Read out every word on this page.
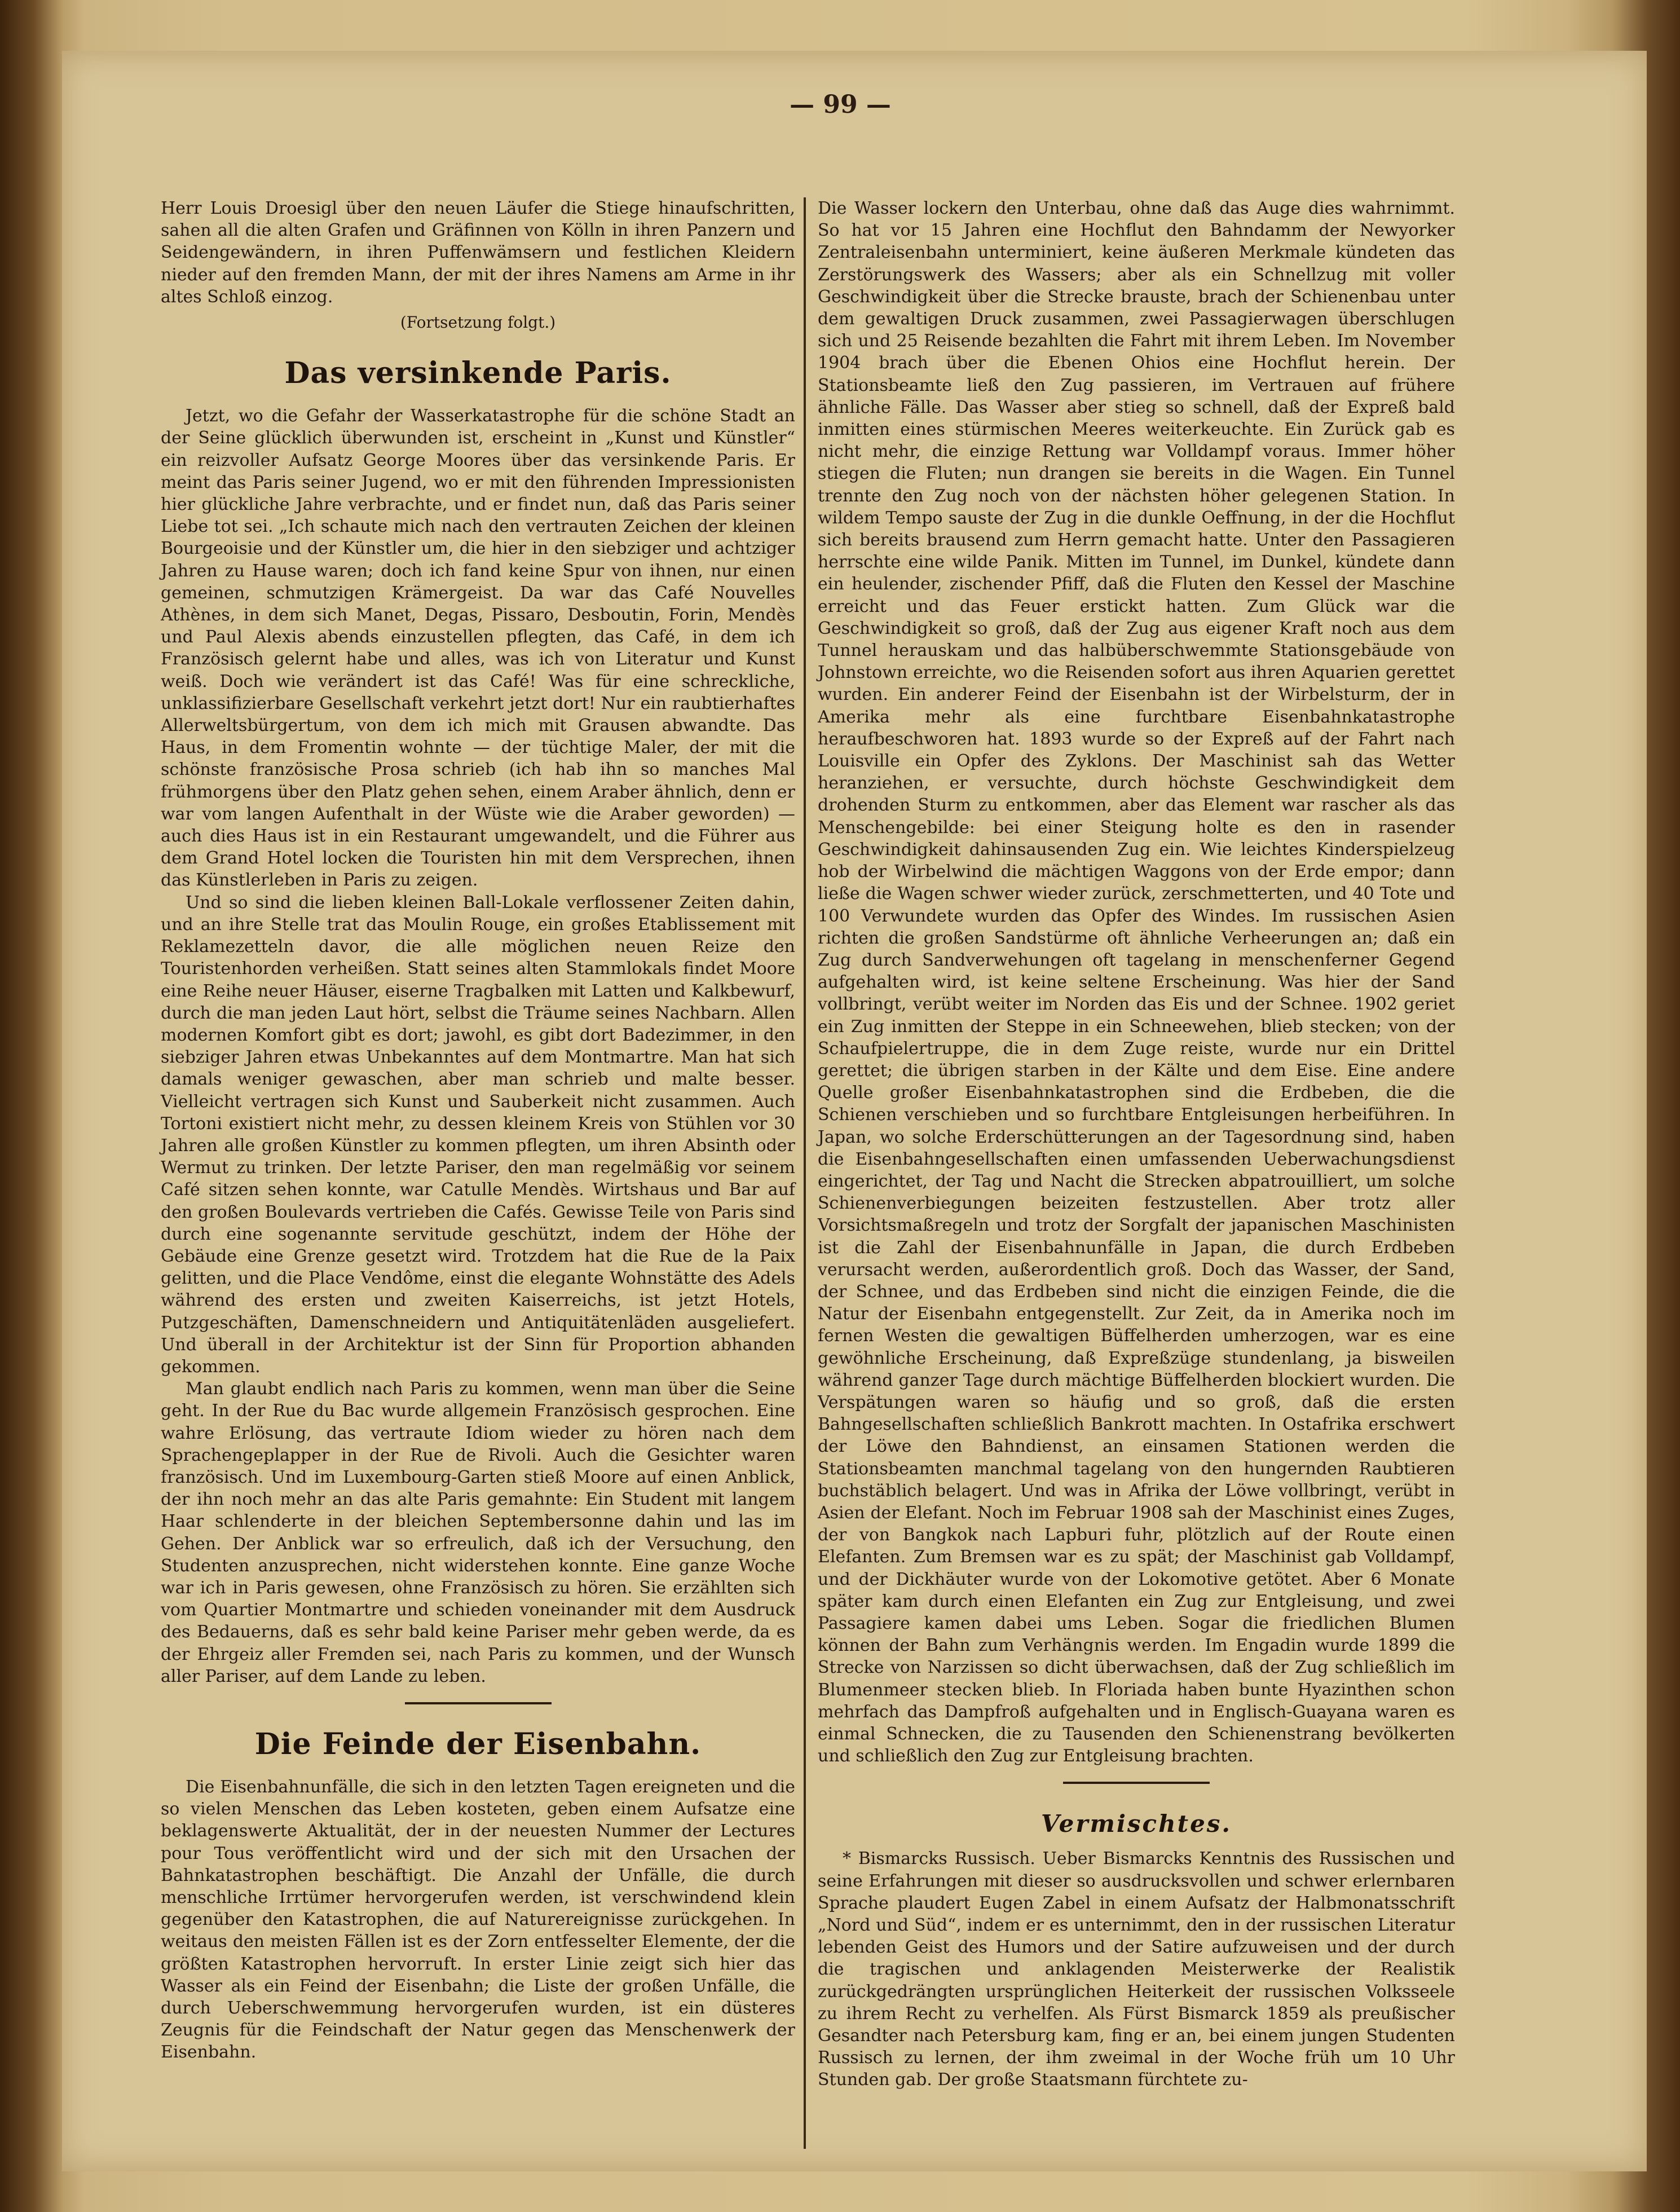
— 99 —

Herr Louis Droesigl über den neuen Läufer die Stiege hinaufschritten, sahen all die alten Grafen und Gräfinnen von Kölln in ihren Panzern und Seidengewändern, in ihren Puffenwämsern und festlichen Kleidern nieder auf den fremden Mann, der mit der ihres Namens am Arme in ihr altes Schloß einzog.

(Fortsetzung folgt.)

Das versinkende Paris.

Jetzt, wo die Gefahr der Wasserkatastrophe für die schöne Stadt an der Seine glücklich überwunden ist, erscheint in „Kunst und Künstler“ ein reizvoller Aufsatz George Moores über das versinkende Paris. Er meint das Paris seiner Jugend, wo er mit den führenden Impressionisten hier glückliche Jahre verbrachte, und er findet nun, daß das Paris seiner Liebe tot sei. „Ich schaute mich nach den vertrauten Zeichen der kleinen Bourgeoisie und der Künstler um, die hier in den siebziger und achtziger Jahren zu Hause waren; doch ich fand keine Spur von ihnen, nur einen gemeinen, schmutzigen Krämergeist. Da war das Café Nouvelles Athènes, in dem sich Manet, Degas, Pissaro, Desboutin, Forin, Mendès und Paul Alexis abends einzustellen pflegten, das Café, in dem ich Französisch gelernt habe und alles, was ich von Literatur und Kunst weiß. Doch wie verändert ist das Café! Was für eine schreckliche, unklassifizierbare Gesellschaft verkehrt jetzt dort! Nur ein raubtierhaftes Allerweltsbürgertum, von dem ich mich mit Grausen abwandte. Das Haus, in dem Fromentin wohnte — der tüchtige Maler, der mit die schönste französische Prosa schrieb (ich hab ihn so manches Mal frühmorgens über den Platz gehen sehen, einem Araber ähnlich, denn er war vom langen Aufenthalt in der Wüste wie die Araber geworden) — auch dies Haus ist in ein Restaurant umgewandelt, und die Führer aus dem Grand Hotel locken die Touristen hin mit dem Versprechen, ihnen das Künstlerleben in Paris zu zeigen.

Und so sind die lieben kleinen Ball-Lokale verflossener Zeiten dahin, und an ihre Stelle trat das Moulin Rouge, ein großes Etablissement mit Reklamezetteln davor, die alle möglichen neuen Reize den Touristenhorden verheißen. Statt seines alten Stammlokals findet Moore eine Reihe neuer Häuser, eiserne Tragbalken mit Latten und Kalkbewurf, durch die man jeden Laut hört, selbst die Träume seines Nachbarn. Allen modernen Komfort gibt es dort; jawohl, es gibt dort Badezimmer, in den siebziger Jahren etwas Unbekanntes auf dem Montmartre. Man hat sich damals weniger gewaschen, aber man schrieb und malte besser. Vielleicht vertragen sich Kunst und Sauberkeit nicht zusammen. Auch Tortoni existiert nicht mehr, zu dessen kleinem Kreis von Stühlen vor 30 Jahren alle großen Künstler zu kommen pflegten, um ihren Absinth oder Wermut zu trinken. Der letzte Pariser, den man regelmäßig vor seinem Café sitzen sehen konnte, war Catulle Mendès. Wirtshaus und Bar auf den großen Boulevards vertrieben die Cafés. Gewisse Teile von Paris sind durch eine sogenannte servitude geschützt, indem der Höhe der Gebäude eine Grenze gesetzt wird. Trotzdem hat die Rue de la Paix gelitten, und die Place Vendôme, einst die elegante Wohnstätte des Adels während des ersten und zweiten Kaiserreichs, ist jetzt Hotels, Putzgeschäften, Damenschneidern und Antiquitätenläden ausgeliefert. Und überall in der Architektur ist der Sinn für Proportion abhanden gekommen.

Man glaubt endlich nach Paris zu kommen, wenn man über die Seine geht. In der Rue du Bac wurde allgemein Französisch gesprochen. Eine wahre Erlösung, das vertraute Idiom wieder zu hören nach dem Sprachengeplapper in der Rue de Rivoli. Auch die Gesichter waren französisch. Und im Luxembourg-Garten stieß Moore auf einen Anblick, der ihn noch mehr an das alte Paris gemahnte: Ein Student mit langem Haar schlenderte in der bleichen Septembersonne dahin und las im Gehen. Der Anblick war so erfreulich, daß ich der Versuchung, den Studenten anzusprechen, nicht widerstehen konnte. Eine ganze Woche war ich in Paris gewesen, ohne Französisch zu hören. Sie erzählten sich vom Quartier Montmartre und schieden voneinander mit dem Ausdruck des Bedauerns, daß es sehr bald keine Pariser mehr geben werde, da es der Ehrgeiz aller Fremden sei, nach Paris zu kommen, und der Wunsch aller Pariser, auf dem Lande zu leben.

Die Feinde der Eisenbahn.

Die Eisenbahnunfälle, die sich in den letzten Tagen ereigneten und die so vielen Menschen das Leben kosteten, geben einem Aufsatze eine beklagenswerte Aktualität, der in der neuesten Nummer der Lectures pour Tous veröffentlicht wird und der sich mit den Ursachen der Bahnkatastrophen beschäftigt. Die Anzahl der Unfälle, die durch menschliche Irrtümer hervorgerufen werden, ist verschwindend klein gegenüber den Katastrophen, die auf Naturereignisse zurückgehen. In weitaus den meisten Fällen ist es der Zorn entfesselter Elemente, der die größten Katastrophen hervorruft. In erster Linie zeigt sich hier das Wasser als ein Feind der Eisenbahn; die Liste der großen Unfälle, die durch Ueberschwemmung hervorgerufen wurden, ist ein düsteres Zeugnis für die Feindschaft der Natur gegen das Menschenwerk der Eisenbahn.

Die Wasser lockern den Unterbau, ohne daß das Auge dies wahrnimmt. So hat vor 15 Jahren eine Hochflut den Bahndamm der Newyorker Zentraleisenbahn unterminiert, keine äußeren Merkmale kündeten das Zerstörungswerk des Wassers; aber als ein Schnellzug mit voller Geschwindigkeit über die Strecke brauste, brach der Schienenbau unter dem gewaltigen Druck zusammen, zwei Passagierwagen überschlugen sich und 25 Reisende bezahlten die Fahrt mit ihrem Leben. Im November 1904 brach über die Ebenen Ohios eine Hochflut herein. Der Stationsbeamte ließ den Zug passieren, im Vertrauen auf frühere ähnliche Fälle. Das Wasser aber stieg so schnell, daß der Expreß bald inmitten eines stürmischen Meeres weiterkeuchte. Ein Zurück gab es nicht mehr, die einzige Rettung war Volldampf voraus. Immer höher stiegen die Fluten; nun drangen sie bereits in die Wagen. Ein Tunnel trennte den Zug noch von der nächsten höher gelegenen Station. In wildem Tempo sauste der Zug in die dunkle Oeffnung, in der die Hochflut sich bereits brausend zum Herrn gemacht hatte. Unter den Passagieren herrschte eine wilde Panik. Mitten im Tunnel, im Dunkel, kündete dann ein heulender, zischender Pfiff, daß die Fluten den Kessel der Maschine erreicht und das Feuer erstickt hatten. Zum Glück war die Geschwindigkeit so groß, daß der Zug aus eigener Kraft noch aus dem Tunnel herauskam und das halbüberschwemmte Stationsgebäude von Johnstown erreichte, wo die Reisenden sofort aus ihren Aquarien gerettet wurden. Ein anderer Feind der Eisenbahn ist der Wirbelsturm, der in Amerika mehr als eine furchtbare Eisenbahnkatastrophe heraufbeschworen hat. 1893 wurde so der Expreß auf der Fahrt nach Louisville ein Opfer des Zyklons. Der Maschinist sah das Wetter heranziehen, er versuchte, durch höchste Geschwindigkeit dem drohenden Sturm zu entkommen, aber das Element war rascher als das Menschengebilde: bei einer Steigung holte es den in rasender Geschwindigkeit dahinsausenden Zug ein. Wie leichtes Kinderspielzeug hob der Wirbelwind die mächtigen Waggons von der Erde empor; dann ließe die Wagen schwer wieder zurück, zerschmetterten, und 40 Tote und 100 Verwundete wurden das Opfer des Windes. Im russischen Asien richten die großen Sandstürme oft ähnliche Verheerungen an; daß ein Zug durch Sandverwehungen oft tagelang in menschenferner Gegend aufgehalten wird, ist keine seltene Erscheinung. Was hier der Sand vollbringt, verübt weiter im Norden das Eis und der Schnee. 1902 geriet ein Zug inmitten der Steppe in ein Schneewehen, blieb stecken; von der Schaufpielertruppe, die in dem Zuge reiste, wurde nur ein Drittel gerettet; die übrigen starben in der Kälte und dem Eise. Eine andere Quelle großer Eisenbahnkatastrophen sind die Erdbeben, die die Schienen verschieben und so furchtbare Entgleisungen herbeiführen. In Japan, wo solche Erderschütterungen an der Tagesordnung sind, haben die Eisenbahngesellschaften einen umfassenden Ueberwachungsdienst eingerichtet, der Tag und Nacht die Strecken abpatrouilliert, um solche Schienenverbiegungen beizeiten festzustellen. Aber trotz aller Vorsichtsmaßregeln und trotz der Sorgfalt der japanischen Maschinisten ist die Zahl der Eisenbahnunfälle in Japan, die durch Erdbeben verursacht werden, außerordentlich groß. Doch das Wasser, der Sand, der Schnee, und das Erdbeben sind nicht die einzigen Feinde, die die Natur der Eisenbahn entgegenstellt. Zur Zeit, da in Amerika noch im fernen Westen die gewaltigen Büffelherden umherzogen, war es eine gewöhnliche Erscheinung, daß Expreßzüge stundenlang, ja bisweilen während ganzer Tage durch mächtige Büffelherden blockiert wurden. Die Verspätungen waren so häufig und so groß, daß die ersten Bahngesellschaften schließlich Bankrott machten. In Ostafrika erschwert der Löwe den Bahndienst, an einsamen Stationen werden die Stationsbeamten manchmal tagelang von den hungernden Raubtieren buchstäblich belagert. Und was in Afrika der Löwe vollbringt, verübt in Asien der Elefant. Noch im Februar 1908 sah der Maschinist eines Zuges, der von Bangkok nach Lapburi fuhr, plötzlich auf der Route einen Elefanten. Zum Bremsen war es zu spät; der Maschinist gab Volldampf, und der Dickhäuter wurde von der Lokomotive getötet. Aber 6 Monate später kam durch einen Elefanten ein Zug zur Entgleisung, und zwei Passagiere kamen dabei ums Leben. Sogar die friedlichen Blumen können der Bahn zum Verhängnis werden. Im Engadin wurde 1899 die Strecke von Narzissen so dicht überwachsen, daß der Zug schließlich im Blumenmeer stecken blieb. In Floriada haben bunte Hyazinthen schon mehrfach das Dampfroß aufgehalten und in Englisch-Guayana waren es einmal Schnecken, die zu Tausenden den Schienenstrang bevölkerten und schließlich den Zug zur Entgleisung brachten.

Vermischtes.

* Bismarcks Russisch. Ueber Bismarcks Kenntnis des Russischen und seine Erfahrungen mit dieser so ausdrucksvollen und schwer erlernbaren Sprache plaudert Eugen Zabel in einem Aufsatz der Halbmonatsschrift „Nord und Süd“, indem er es unternimmt, den in der russischen Literatur lebenden Geist des Humors und der Satire aufzuweisen und der durch die tragischen und anklagenden Meisterwerke der Realistik zurückgedrängten ursprünglichen Heiterkeit der russischen Volksseele zu ihrem Recht zu verhelfen. Als Fürst Bismarck 1859 als preußischer Gesandter nach Petersburg kam, fing er an, bei einem jungen Studenten Russisch zu lernen, der ihm zweimal in der Woche früh um 10 Uhr Stunden gab. Der große Staatsmann fürchtete zu-
